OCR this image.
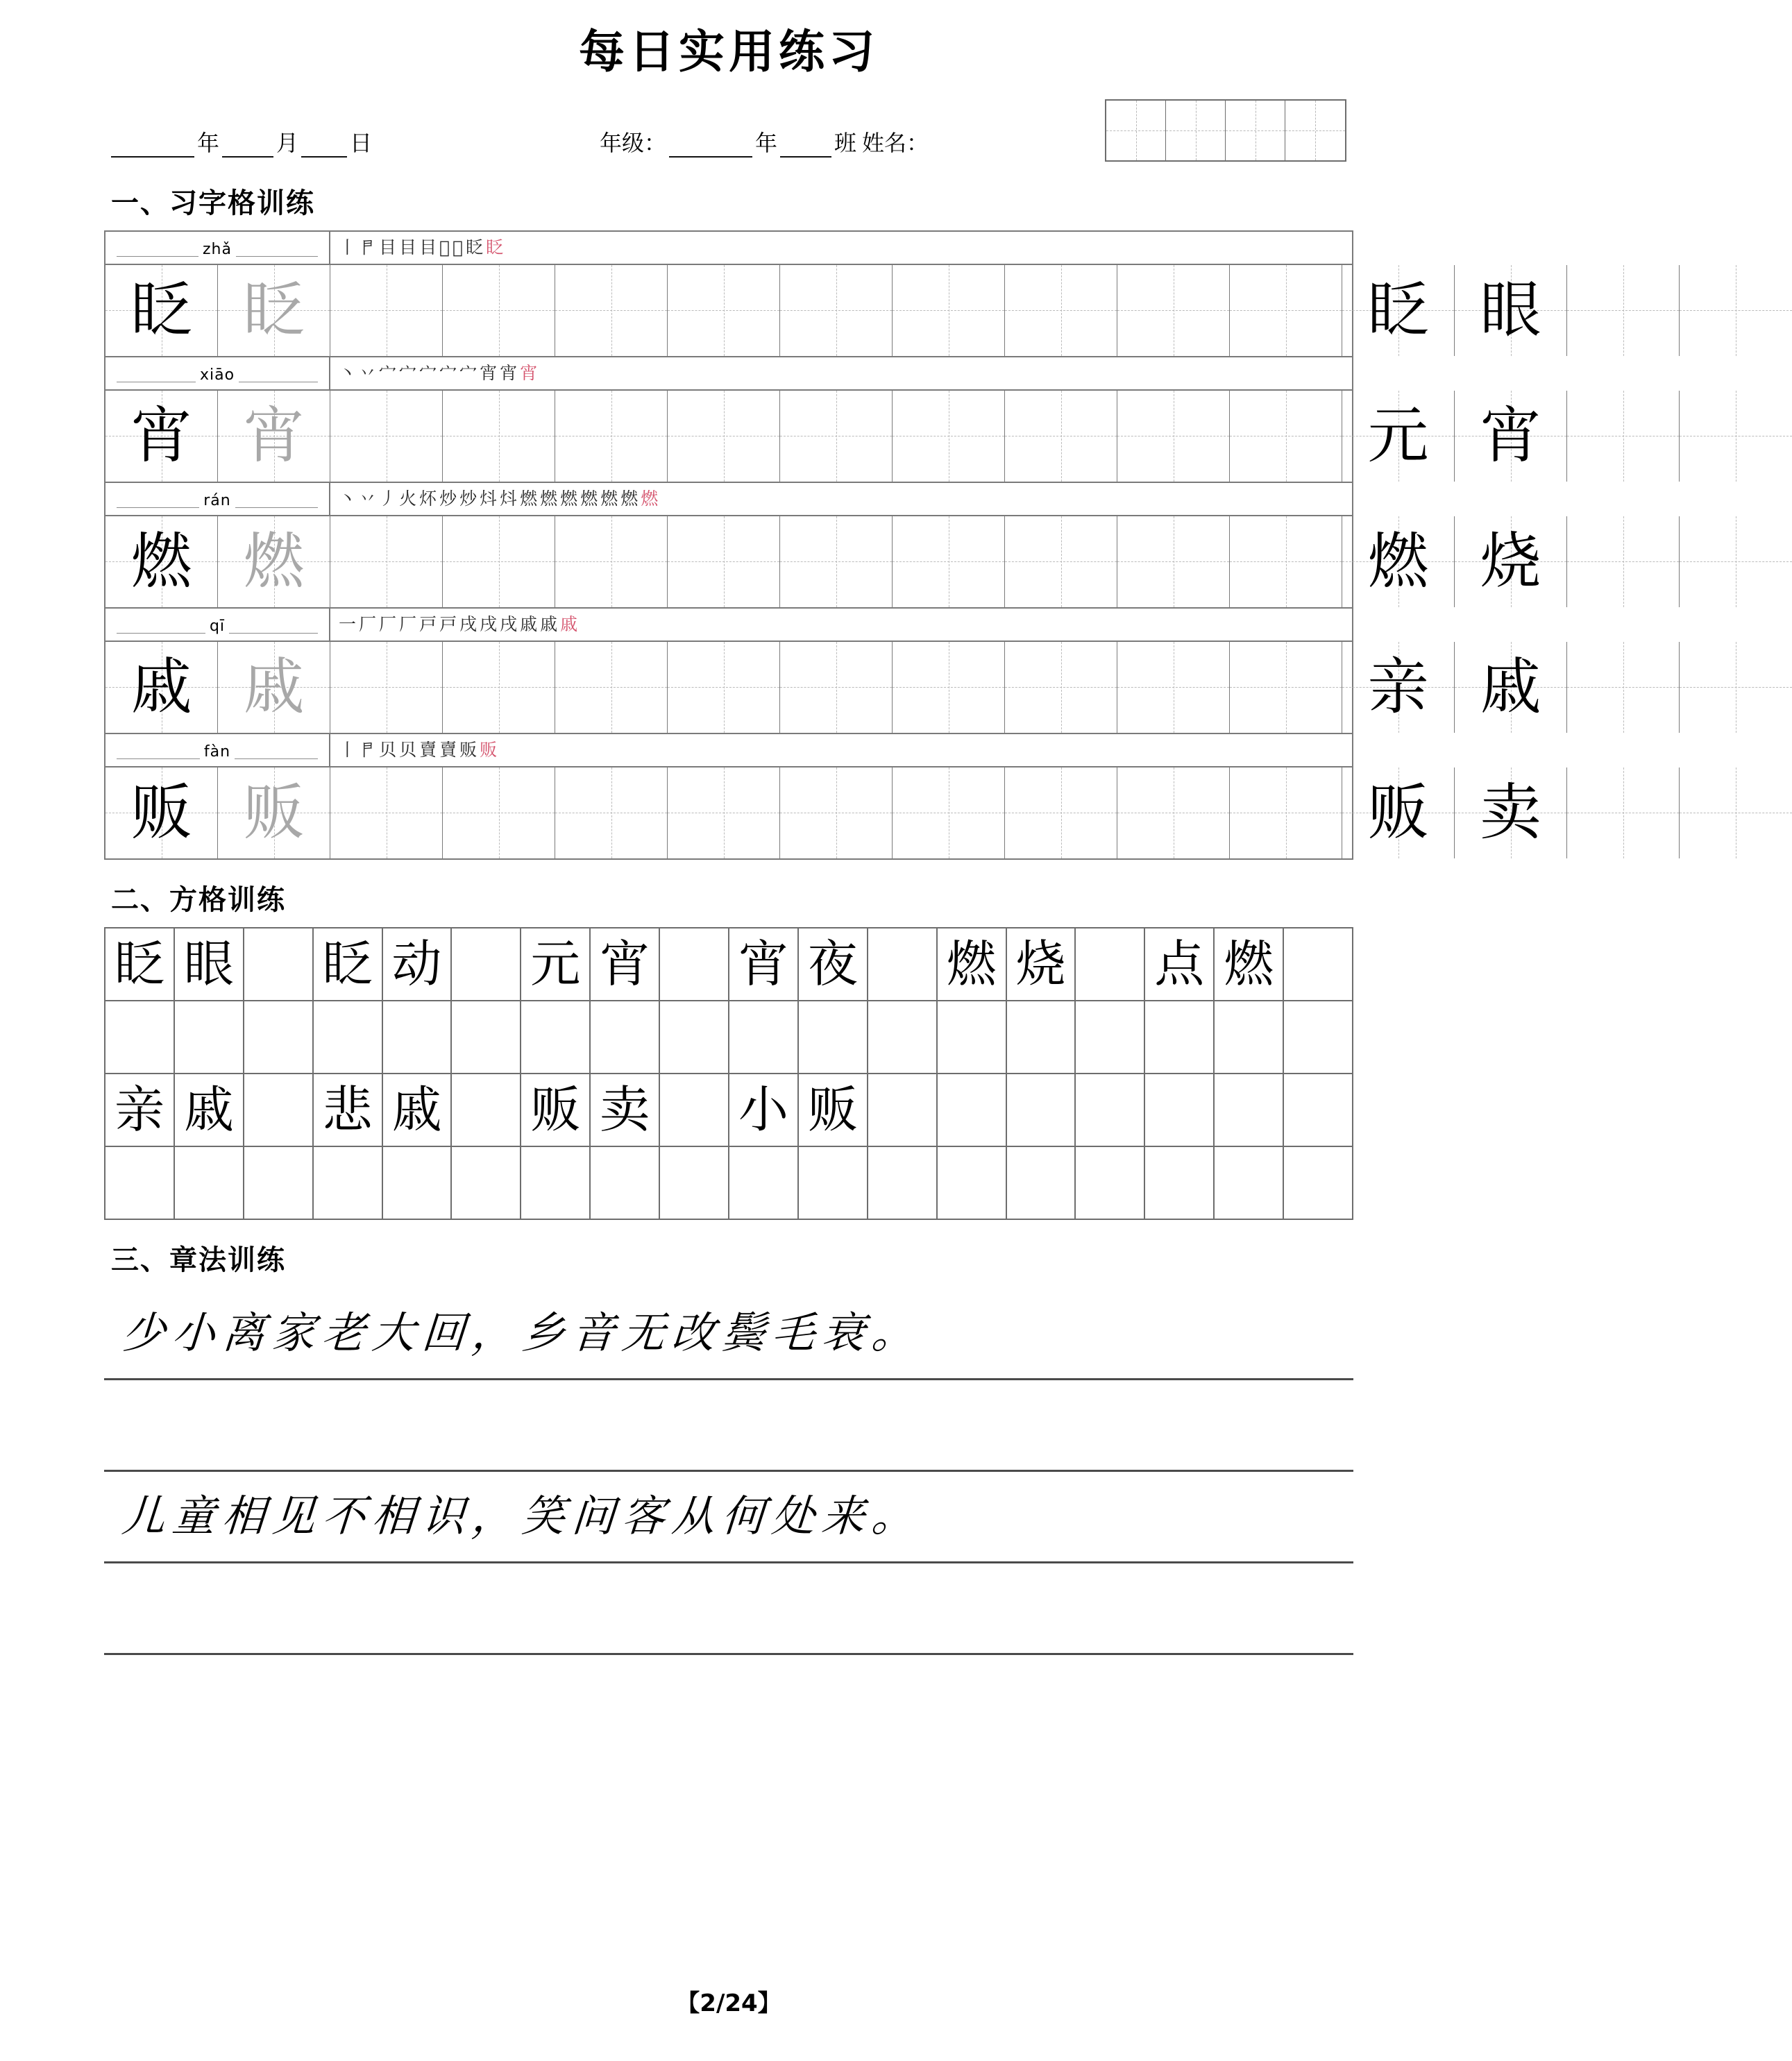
每日实用练习
年	月 日	年级：	年	班 姓名：
一、习字格训练
zhǎ	丨𠁣目目目𥄀𥄀眨眨
眨 眨	眨 眼
xiāo	丶丷宀宀宀宀宀宵宵宵
宵 宵	元 宵
rán	丶丷丿火炋炒炒炓炓燃燃燃燃燃燃燃
燃 燃	燃 烧
qī	一厂厂厂戸戸戌戌戌戚戚戚
戚 戚	亲 戚
fàn	丨𠁣贝贝𧶠𧶠贩贩
贩 贩	贩 卖
二、方格训练
眨 眼 眨 动 元 宵 宵 夜 燃 烧 点 燃
亲 戚 悲 戚 贩 卖 小 贩
三、章法训练
少小离家老大回，乡音无改鬓毛衰。
儿童相见不相识，笑问客从何处来。
【2/24】
